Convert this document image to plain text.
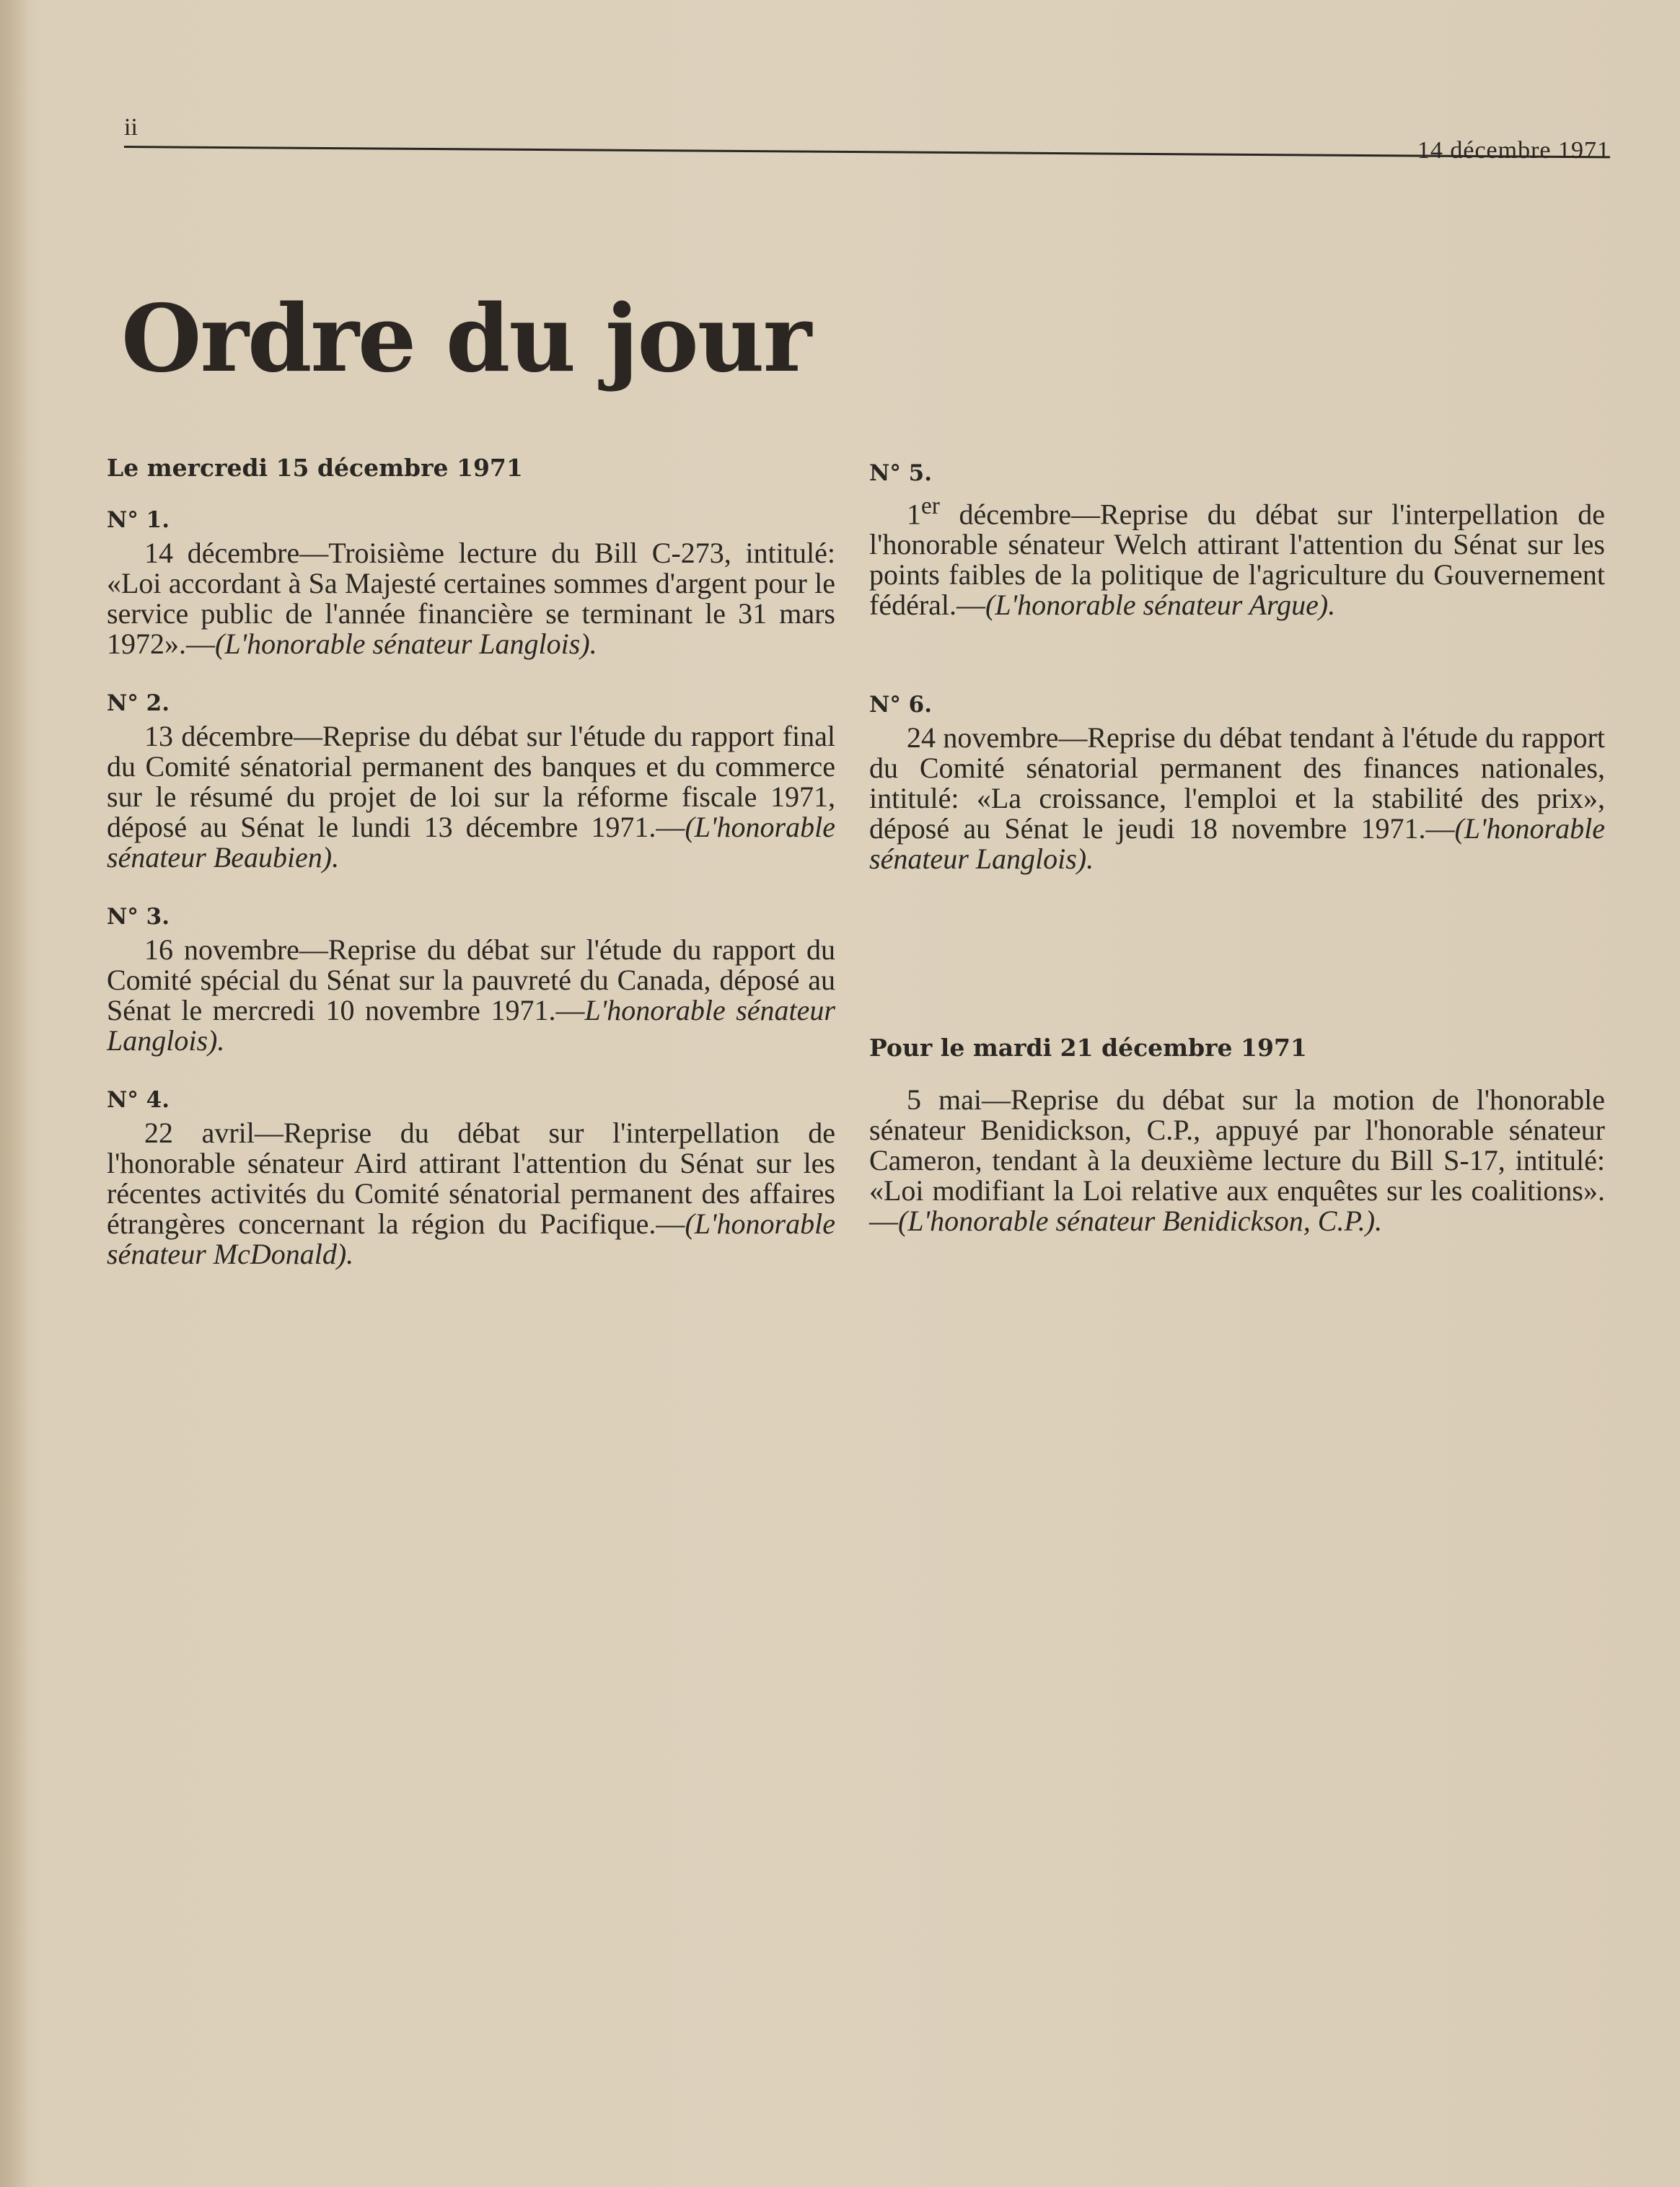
ii
14 décembre 1971
Ordre du jour

Le mercredi 15 décembre 1971

N° 1.

14 décembre—Troisième lecture du Bill C-273, intitulé: «Loi accordant à Sa Majesté certaines sommes d'argent pour le service public de l'année financière se terminant le 31 mars 1972».—(L'honorable sénateur Langlois).

N° 2.

13 décembre—Reprise du débat sur l'étude du rapport final du Comité sénatorial permanent des banques et du commerce sur le résumé du projet de loi sur la réforme fiscale 1971, déposé au Sénat le lundi 13 décembre 1971.—(L'honorable sénateur Beaubien).

N° 3.

16 novembre—Reprise du débat sur l'étude du rapport du Comité spécial du Sénat sur la pauvreté du Canada, déposé au Sénat le mercredi 10 novembre 1971.—L'honorable sénateur Langlois).

N° 4.

22 avril—Reprise du débat sur l'interpellation de l'honorable sénateur Aird attirant l'attention du Sénat sur les récentes activités du Comité sénatorial permanent des affaires étrangères concernant la région du Pacifique.—(L'honorable sénateur McDonald).

N° 5.

1er décembre—Reprise du débat sur l'interpellation de l'honorable sénateur Welch attirant l'attention du Sénat sur les points faibles de la politique de l'agriculture du Gouvernement fédéral.—(L'honorable sénateur Argue).

N° 6.

24 novembre—Reprise du débat tendant à l'étude du rapport du Comité sénatorial permanent des finances nationales, intitulé: «La croissance, l'emploi et la stabilité des prix», déposé au Sénat le jeudi 18 novembre 1971.—(L'honorable sénateur Langlois).

Pour le mardi 21 décembre 1971

5 mai—Reprise du débat sur la motion de l'honorable sénateur Benidickson, C.P., appuyé par l'honorable sénateur Cameron, tendant à la deuxième lecture du Bill S-17, intitulé: «Loi modifiant la Loi relative aux enquêtes sur les coalitions».—(L'honorable sénateur Benidickson, C.P.).
